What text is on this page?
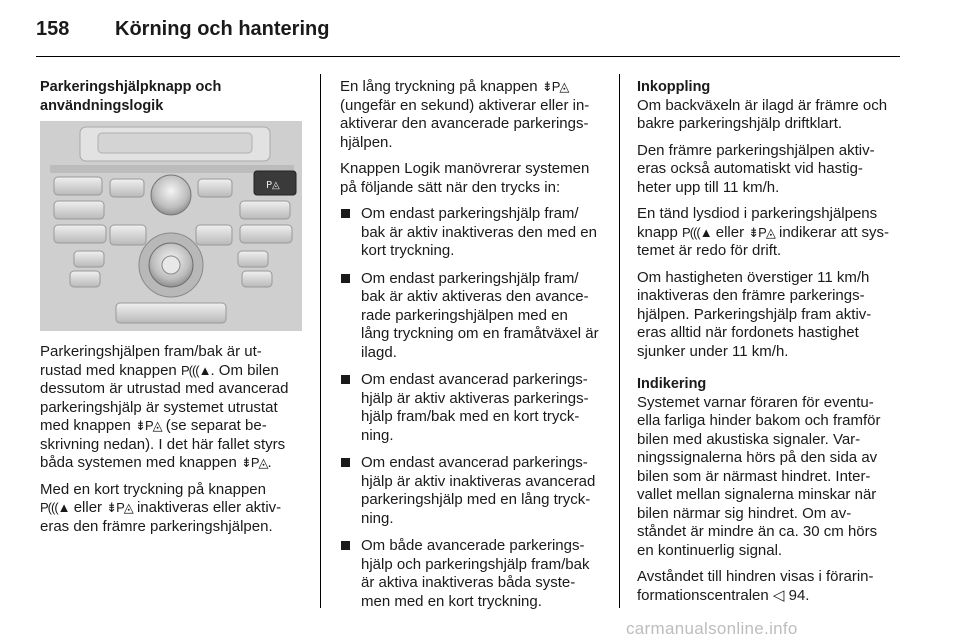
158 Körning och hantering
Parkeringshjälpknapp och
användningslogik
P◬

Parkeringshjälpen fram/bak är ut-
rustad med knappen P(((▲. Om bilen
dessutom är utrustad med avancerad
parkeringshjälp är systemet utrustat
med knappen ⇟P◬ (se separat be-
skrivning nedan). I det här fallet styrs
båda systemen med knappen ⇟P◬.

Med en kort tryckning på knappen
P(((▲ eller ⇟P◬ inaktiveras eller aktiv-
eras den främre parkeringshjälpen.

En lång tryckning på knappen ⇟P◬
(ungefär en sekund) aktiverar eller in-
aktiverar den avancerade parkerings-
hjälpen.

Knappen Logik manövrerar systemen
på följande sätt när den trycks in:

Om endast parkeringshjälp fram/
bak är aktiv inaktiveras den med en
kort tryckning.
Om endast parkeringshjälp fram/
bak är aktiv aktiveras den avance-
rade parkeringshjälpen med en
lång tryckning om en framåtväxel är
ilagd.
Om endast avancerad parkerings-
hjälp är aktiv aktiveras parkerings-
hjälp fram/bak med en kort tryck-
ning.
Om endast avancerad parkerings-
hjälp är aktiv inaktiveras avancerad
parkeringshjälp med en lång tryck-
ning.
Om både avancerade parkerings-
hjälp och parkeringshjälp fram/bak
är aktiva inaktiveras båda syste-
men med en kort tryckning.
Inkoppling

Om backväxeln är ilagd är främre och
bakre parkeringshjälp driftklart.

Den främre parkeringshjälpen aktiv-
eras också automatiskt vid hastig-
heter upp till 11 km/h.

En tänd lysdiod i parkeringshjälpens
knapp P(((▲ eller ⇟P◬ indikerar att sys-
temet är redo för drift.

Om hastigheten överstiger 11 km/h
inaktiveras den främre parkerings-
hjälpen. Parkeringshjälp fram aktiv-
eras alltid när fordonets hastighet
sjunker under 11 km/h.

Indikering

Systemet varnar föraren för eventu-
ella farliga hinder bakom och framför
bilen med akustiska signaler. Var-
ningssignalerna hörs på den sida av
bilen som är närmast hindret. Inter-
vallet mellan signalerna minskar när
bilen närmar sig hindret. Om av-
ståndet är mindre än ca. 30 cm hörs
en kontinuerlig signal.

Avståndet till hindren visas i förarin-
formationscentralen ◁ 94.

carmanualsonline.info
